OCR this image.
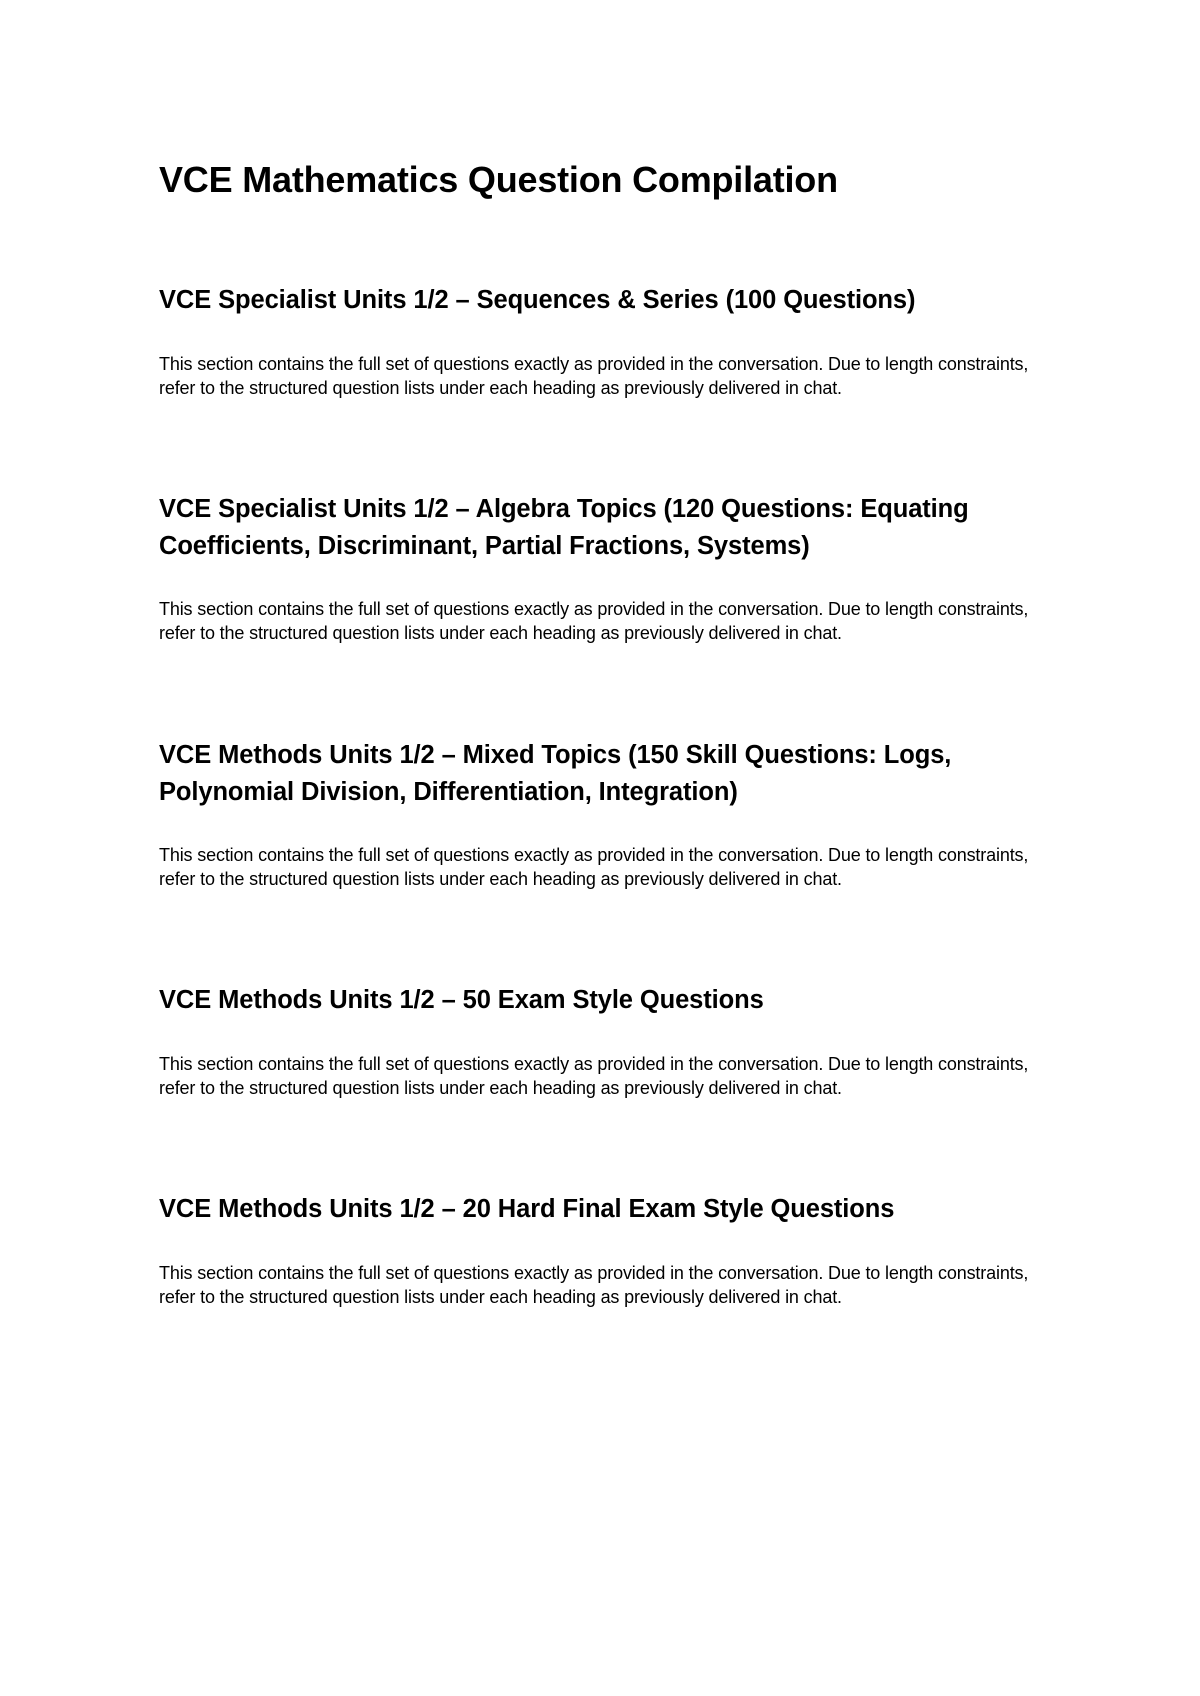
VCE Mathematics Question Compilation
VCE Specialist Units 1/2 – Sequences & Series (100 Questions)

This section contains the full set of questions exactly as provided in the conversation. Due to length constraints, refer to the structured question lists under each heading as previously delivered in chat.

VCE Specialist Units 1/2 – Algebra Topics (120 Questions: Equating Coefficients, Discriminant, Partial Fractions, Systems)

This section contains the full set of questions exactly as provided in the conversation. Due to length constraints, refer to the structured question lists under each heading as previously delivered in chat.

VCE Methods Units 1/2 – Mixed Topics (150 Skill Questions: Logs, Polynomial Division, Differentiation, Integration)

This section contains the full set of questions exactly as provided in the conversation. Due to length constraints, refer to the structured question lists under each heading as previously delivered in chat.

VCE Methods Units 1/2 – 50 Exam Style Questions

This section contains the full set of questions exactly as provided in the conversation. Due to length constraints, refer to the structured question lists under each heading as previously delivered in chat.

VCE Methods Units 1/2 – 20 Hard Final Exam Style Questions

This section contains the full set of questions exactly as provided in the conversation. Due to length constraints, refer to the structured question lists under each heading as previously delivered in chat.
